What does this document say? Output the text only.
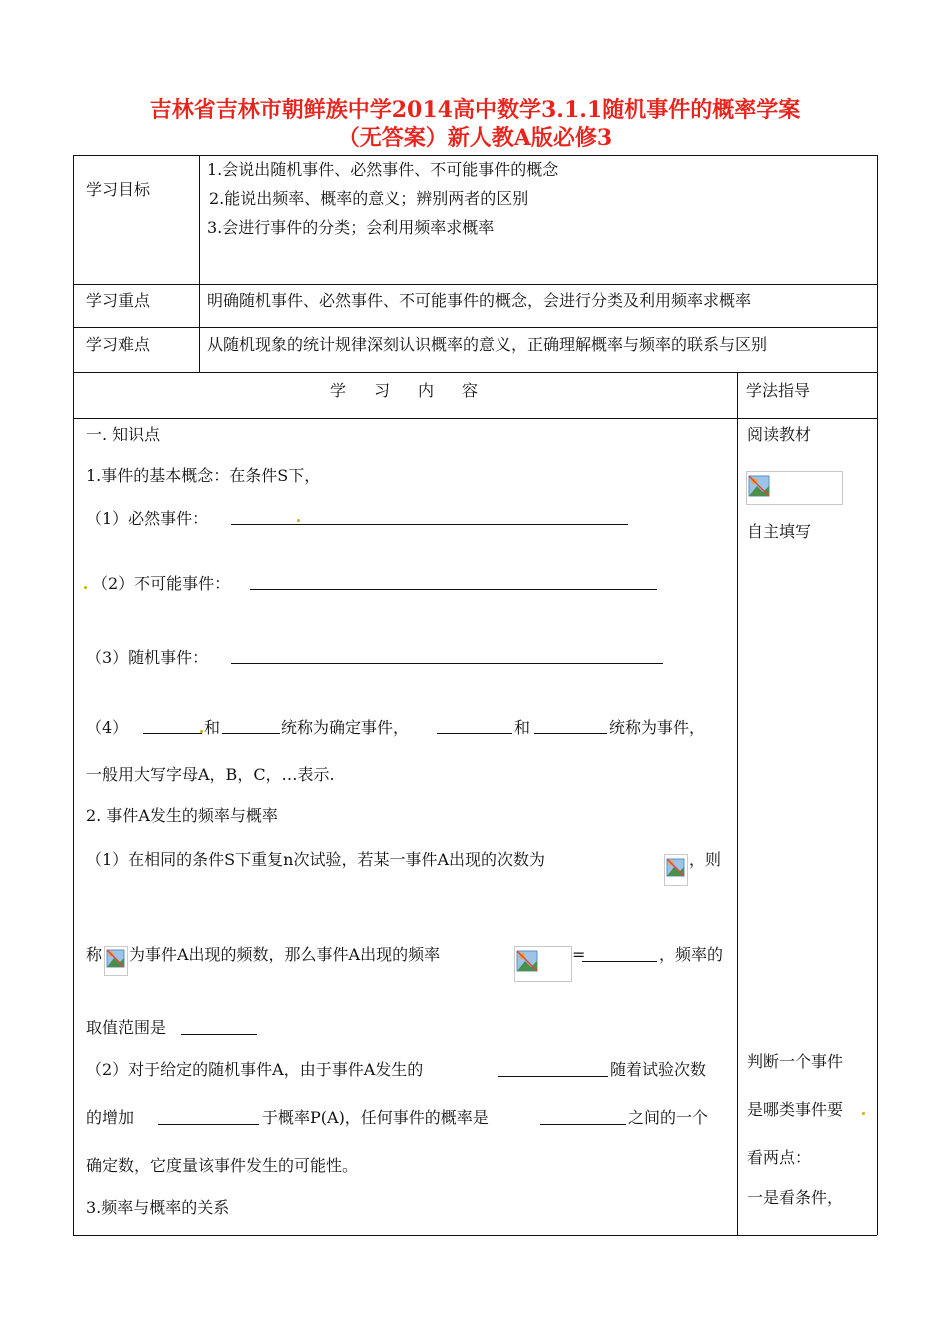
吉林省吉林市朝鲜族中学2014高中数学3.1.1随机事件的概率学案
（无答案）新人教A版必修3
学习目标
1.会说出随机事件、必然事件、不可能事件的概念
2.能说出频率、概率的意义；辨别两者的区别
3.会进行事件的分类；会利用频率求概率
学习重点	明确随机事件、必然事件、不可能事件的概念，会进行分类及利用频率求概率
学习难点	从随机现象的统计规律深刻认识概率的意义，正确理解概率与频率的联系与区别
学习内容	学法指导
一. 知识点
1.事件的基本概念：在条件S下，
（1）必然事件：
（2）不可能事件：
（3）随机事件：
（4）	和	统称为确定事件，	和	统称为事件，
一般用大写字母A，B，C，…表示.
2. 事件A发生的频率与概率
（1）在相同的条件S下重复n次试验，若某一事件A出现的次数为	，则
称 为事件A出现的频数，那么事件A出现的频率	=	，频率的
取值范围是
（2）对于给定的随机事件A，由于事件A发生的	随着试验次数
的增加	于概率P(A)，任何事件的概率是	之间的一个
确定数，它度量该事件发生的可能性。
3.频率与概率的关系
阅读教材
自主填写
判断一个事件
是哪类事件要
看两点：
一是看条件，
